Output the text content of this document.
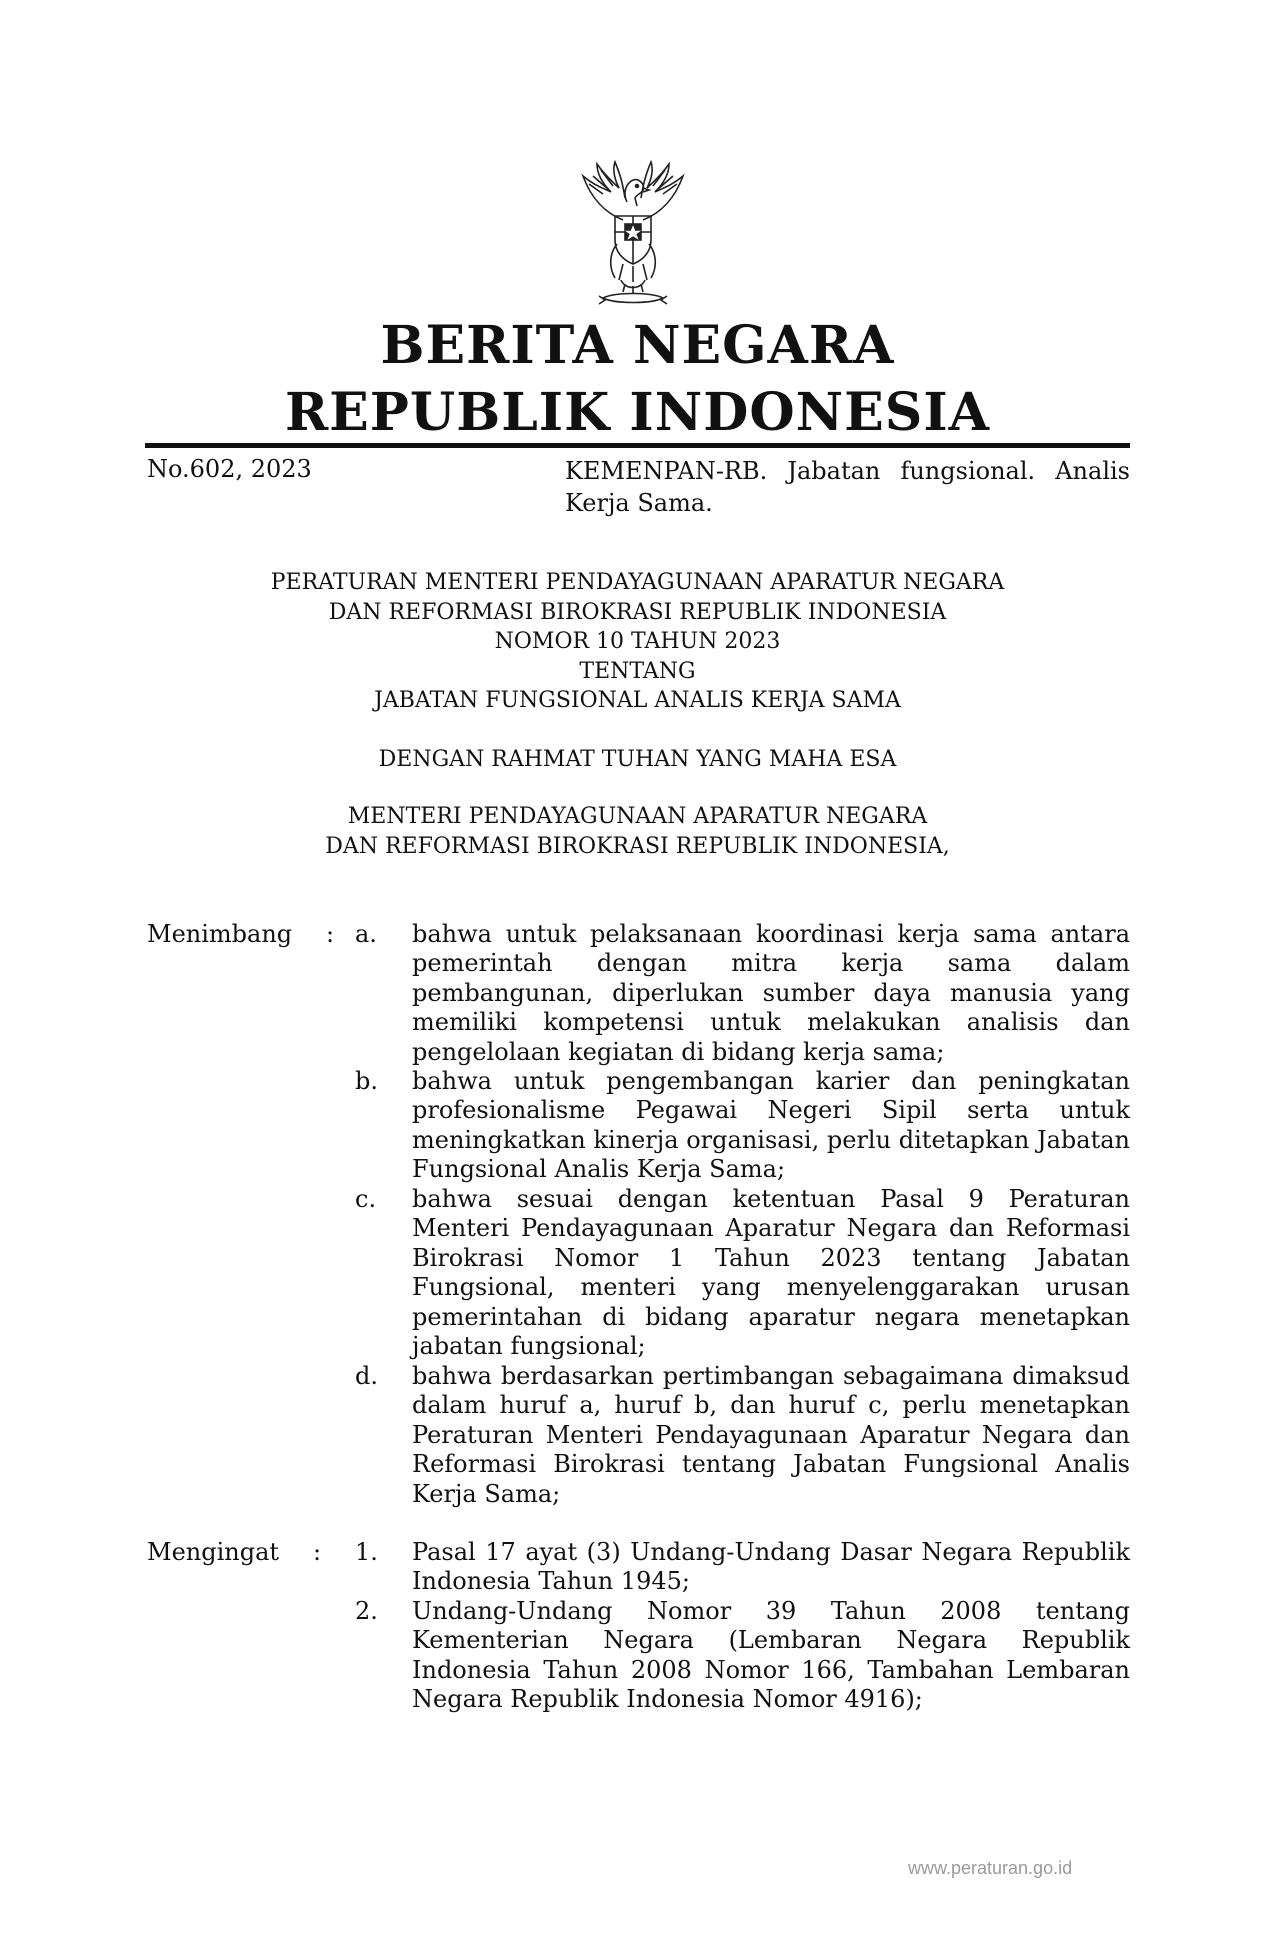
BERITA NEGARA
REPUBLIK INDONESIA
No.602, 2023	KEMENPAN-RB. Jabatan fungsional. Analis Kerja Sama.
PERATURAN MENTERI PENDAYAGUNAAN APARATUR NEGARA
DAN REFORMASI BIROKRASI REPUBLIK INDONESIA
NOMOR 10 TAHUN 2023
TENTANG
JABATAN FUNGSIONAL ANALIS KERJA SAMA
DENGAN RAHMAT TUHAN YANG MAHA ESA
MENTERI PENDAYAGUNAAN APARATUR NEGARA
DAN REFORMASI BIROKRASI REPUBLIK INDONESIA,
Menimbang : a. bahwa untuk pelaksanaan koordinasi kerja sama antara pemerintah dengan mitra kerja sama dalam pembangunan, diperlukan sumber daya manusia yang memiliki kompetensi untuk melakukan analisis dan pengelolaan kegiatan di bidang kerja sama;
b. bahwa untuk pengembangan karier dan peningkatan profesionalisme Pegawai Negeri Sipil serta untuk meningkatkan kinerja organisasi, perlu ditetapkan Jabatan Fungsional Analis Kerja Sama;
c. bahwa sesuai dengan ketentuan Pasal 9 Peraturan Menteri Pendayagunaan Aparatur Negara dan Reformasi Birokrasi Nomor 1 Tahun 2023 tentang Jabatan Fungsional, menteri yang menyelenggarakan urusan pemerintahan di bidang aparatur negara menetapkan jabatan fungsional;
d. bahwa berdasarkan pertimbangan sebagaimana dimaksud dalam huruf a, huruf b, dan huruf c, perlu menetapkan Peraturan Menteri Pendayagunaan Aparatur Negara dan Reformasi Birokrasi tentang Jabatan Fungsional Analis Kerja Sama;
Mengingat : 1. Pasal 17 ayat (3) Undang-Undang Dasar Negara Republik Indonesia Tahun 1945;
2. Undang-Undang Nomor 39 Tahun 2008 tentang Kementerian Negara (Lembaran Negara Republik Indonesia Tahun 2008 Nomor 166, Tambahan Lembaran Negara Republik Indonesia Nomor 4916);
www.peraturan.go.id
